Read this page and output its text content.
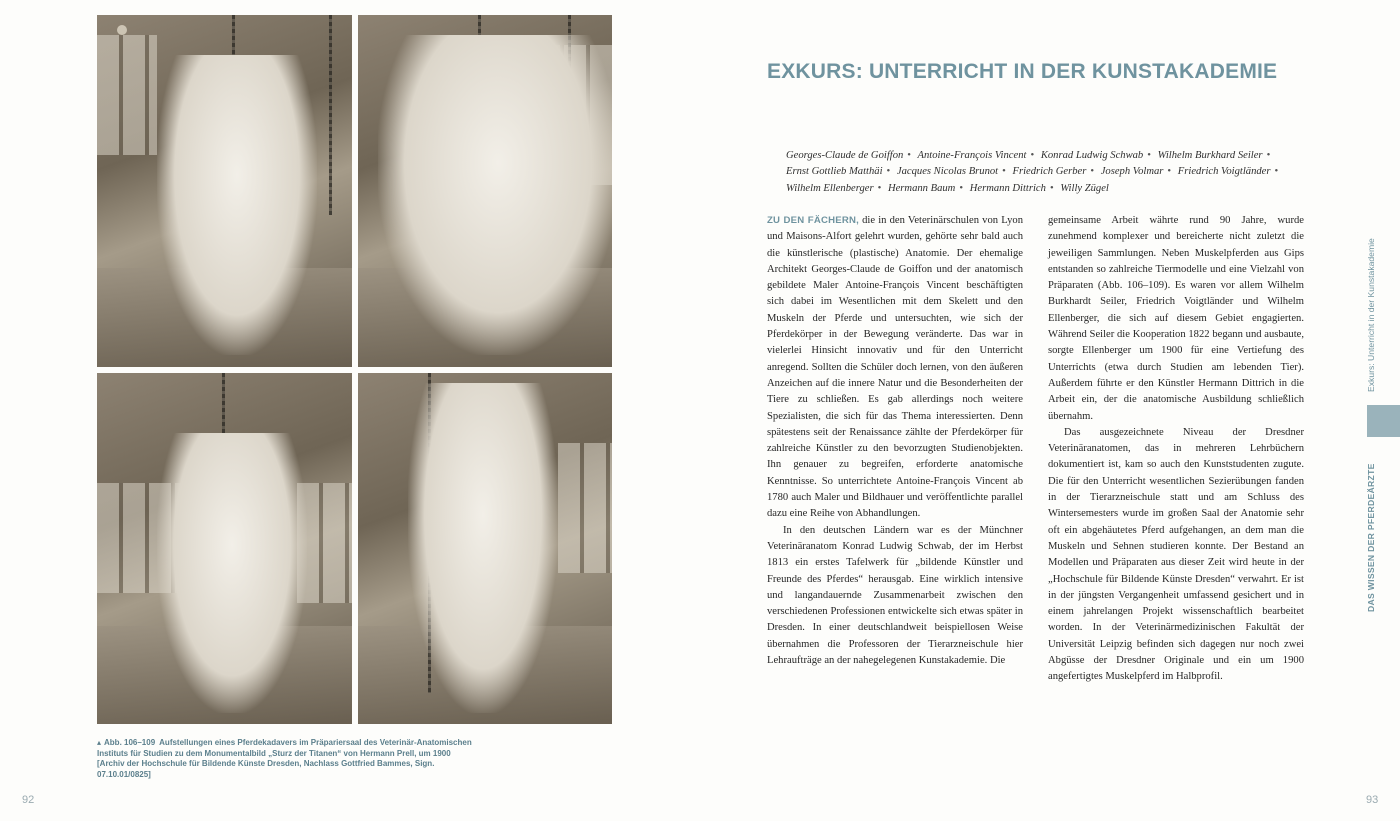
▴ Abb. 106–109 Aufstellungen eines Pferdekadavers im Präpariersaal des Veterinär-Anatomischen Instituts für Studien zu dem Monumentalbild „Sturz der Titanen“ von Hermann Prell, um 1900 [Archiv der Hochschule für Bildende Künste Dresden, Nachlass Gottfried Bammes, Sign. 07.10.01/0825]
92
EXKURS: UNTERRICHT IN DER KUNSTAKADEMIE
Georges-Claude de Goiffon • Antoine-François Vincent • Konrad Ludwig Schwab • Wilhelm Burkhard Seiler • Ernst Gottlieb Matthäi • Jacques Nicolas Brunot • Friedrich Gerber • Joseph Volmar • Friedrich Voigtländer • Wilhelm Ellenberger • Hermann Baum • Hermann Dittrich • Willy Zügel

ZU DEN FÄCHERN, die in den Veterinärschulen von Lyon und Maisons-Alfort gelehrt wurden, gehörte sehr bald auch die künstlerische (plastische) Anatomie. Der ehemalige Architekt Georges-Claude de Goiffon und der anatomisch gebildete Maler Antoine-François Vincent beschäftigten sich dabei im Wesentlichen mit dem Skelett und den Muskeln der Pferde und untersuchten, wie sich der Pferdekörper in der Bewegung veränderte. Das war in vielerlei Hinsicht innovativ und für den Unterricht anregend. Sollten die Schüler doch lernen, von den äußeren Anzeichen auf die innere Natur und die Besonderheiten der Tiere zu schließen. Es gab allerdings noch weitere Spezialisten, die sich für das Thema interessierten. Denn spätestens seit der Renaissance zählte der Pferdekörper für zahlreiche Künstler zu den bevorzugten Studienobjekten. Ihn genauer zu begreifen, erforderte anatomische Kenntnisse. So unterrichtete Antoine-François Vincent ab 1780 auch Maler und Bildhauer und veröffentlichte parallel dazu eine Reihe von Abhandlungen.

In den deutschen Ländern war es der Münchner Veterinäranatom Konrad Ludwig Schwab, der im Herbst 1813 ein erstes Tafelwerk für „bildende Künstler und Freunde des Pferdes“ herausgab. Eine wirklich intensive und langandauernde Zusammenarbeit zwischen den verschiedenen Professionen entwickelte sich etwas später in Dresden. In einer deutschlandweit beispiellosen Weise übernahmen die Professoren der Tierarzneischule hier Lehraufträge an der nahegelegenen Kunstakademie. Die

gemeinsame Arbeit währte rund 90 Jahre, wurde zunehmend komplexer und bereicherte nicht zuletzt die jeweiligen Sammlungen. Neben Muskelpferden aus Gips entstanden so zahlreiche Tiermodelle und eine Vielzahl von Präparaten (Abb. 106–109). Es waren vor allem Wilhelm Burkhardt Seiler, Friedrich Voigtländer und Wilhelm Ellenberger, die sich auf diesem Gebiet engagierten. Während Seiler die Kooperation 1822 begann und ausbaute, sorgte Ellenberger um 1900 für eine Vertiefung des Unterrichts (etwa durch Studien am lebenden Tier). Außerdem führte er den Künstler Hermann Dittrich in die Arbeit ein, der die anatomische Ausbildung schließlich übernahm.

Das ausgezeichnete Niveau der Dresdner Veterinäranatomen, das in mehreren Lehrbüchern dokumentiert ist, kam so auch den Kunststudenten zugute. Die für den Unterricht wesentlichen Sezierübungen fanden in der Tierarzneischule statt und am Schluss des Wintersemesters wurde im großen Saal der Anatomie sehr oft ein abgehäutetes Pferd aufgehangen, an dem man die Muskeln und Sehnen studieren konnte. Der Bestand an Modellen und Präparaten aus dieser Zeit wird heute in der „Hochschule für Bildende Künste Dresden“ verwahrt. Er ist in der jüngsten Vergangenheit umfassend gesichert und in einem jahrelangen Projekt wissenschaftlich bearbeitet worden. In der Veterinärmedizinischen Fakultät der Universität Leipzig befinden sich dagegen nur noch zwei Abgüsse der Dresdner Originale und ein um 1900 angefertigtes Muskelpferd im Halbprofil.

Exkurs: Unterricht in der Kunstakademie
DAS WISSEN DER PFERDEÄRZTE
93
